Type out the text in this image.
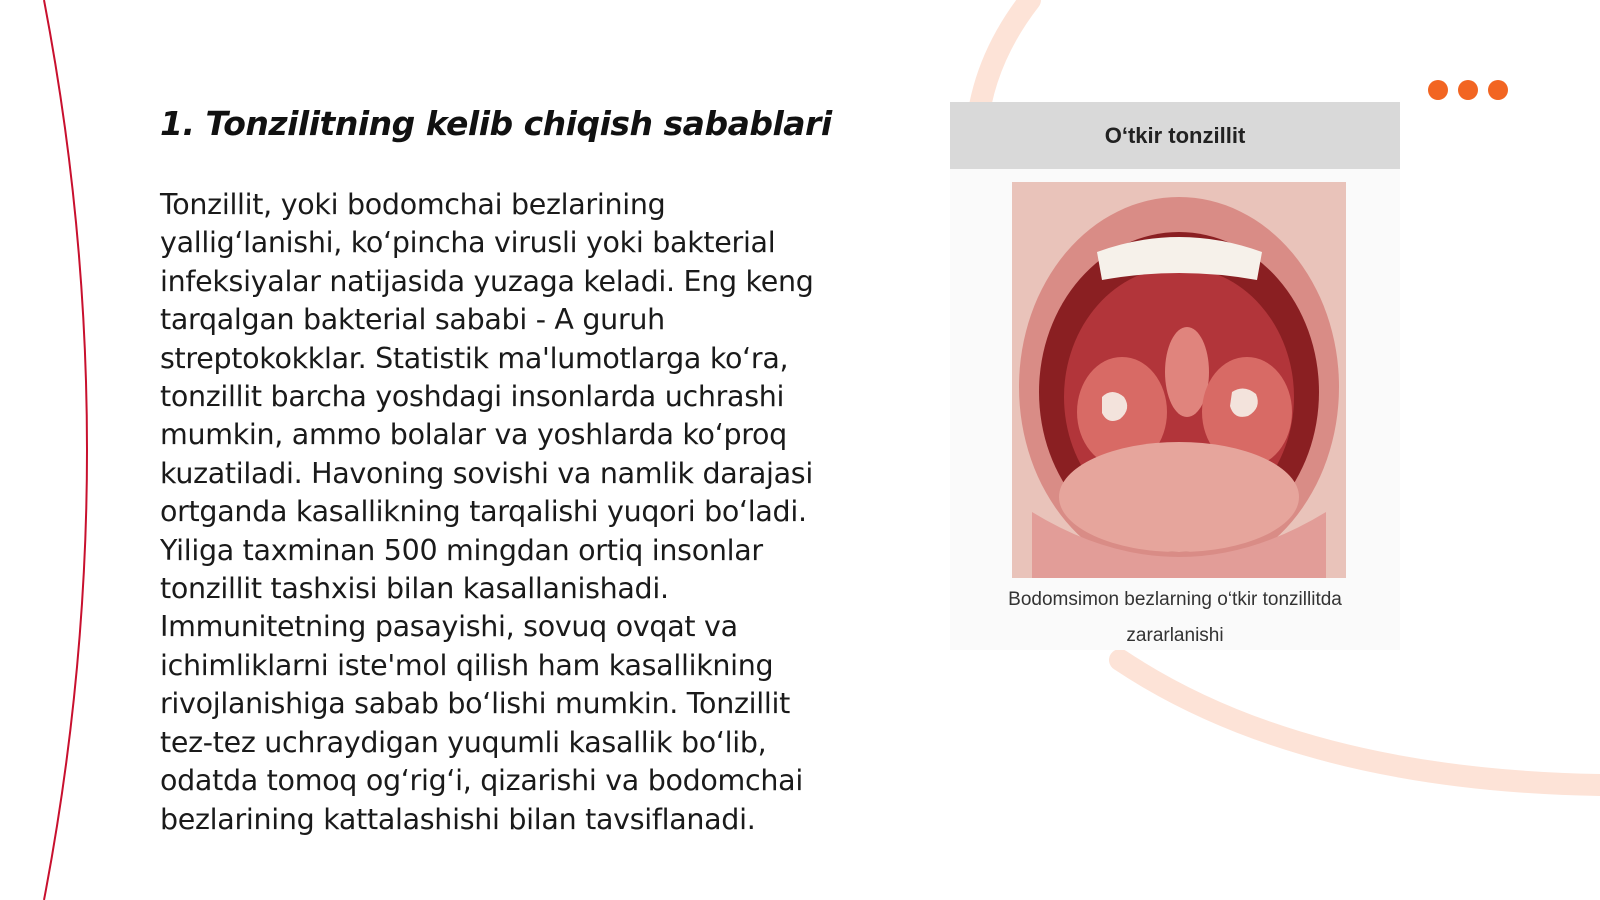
1. Tonzilitning kelib chiqish sabablari
Tonzillit, yoki bodomchai bezlarining yallig‘lanishi, ko‘pincha virusli yoki bakterial infeksiyalar natijasida yuzaga keladi. Eng keng tarqalgan bakterial sababi - A guruh streptokokklar. Statistik ma'lumotlarga ko‘ra, tonzillit barcha yoshdagi insonlarda uchrashi mumkin, ammo bolalar va yoshlarda ko‘proq kuzatiladi. Havoning sovishi va namlik darajasi ortganda kasallikning tarqalishi yuqori bo‘ladi. Yiliga taxminan 500 mingdan ortiq insonlar tonzillit tashxisi bilan kasallanishadi. Immunitetning pasayishi, sovuq ovqat va ichimliklarni iste'mol qilish ham kasallikning rivojlanishiga sabab bo‘lishi mumkin. Tonzillit tez-tez uchraydigan yuqumli kasallik bo‘lib, odatda tomoq og‘rig‘i, qizarishi va bodomchai bezlarining kattalashishi bilan tavsiflanadi.
O‘tkir tonzillit
Bodomsimon bezlarning o‘tkir tonzillitda zararlanishi
